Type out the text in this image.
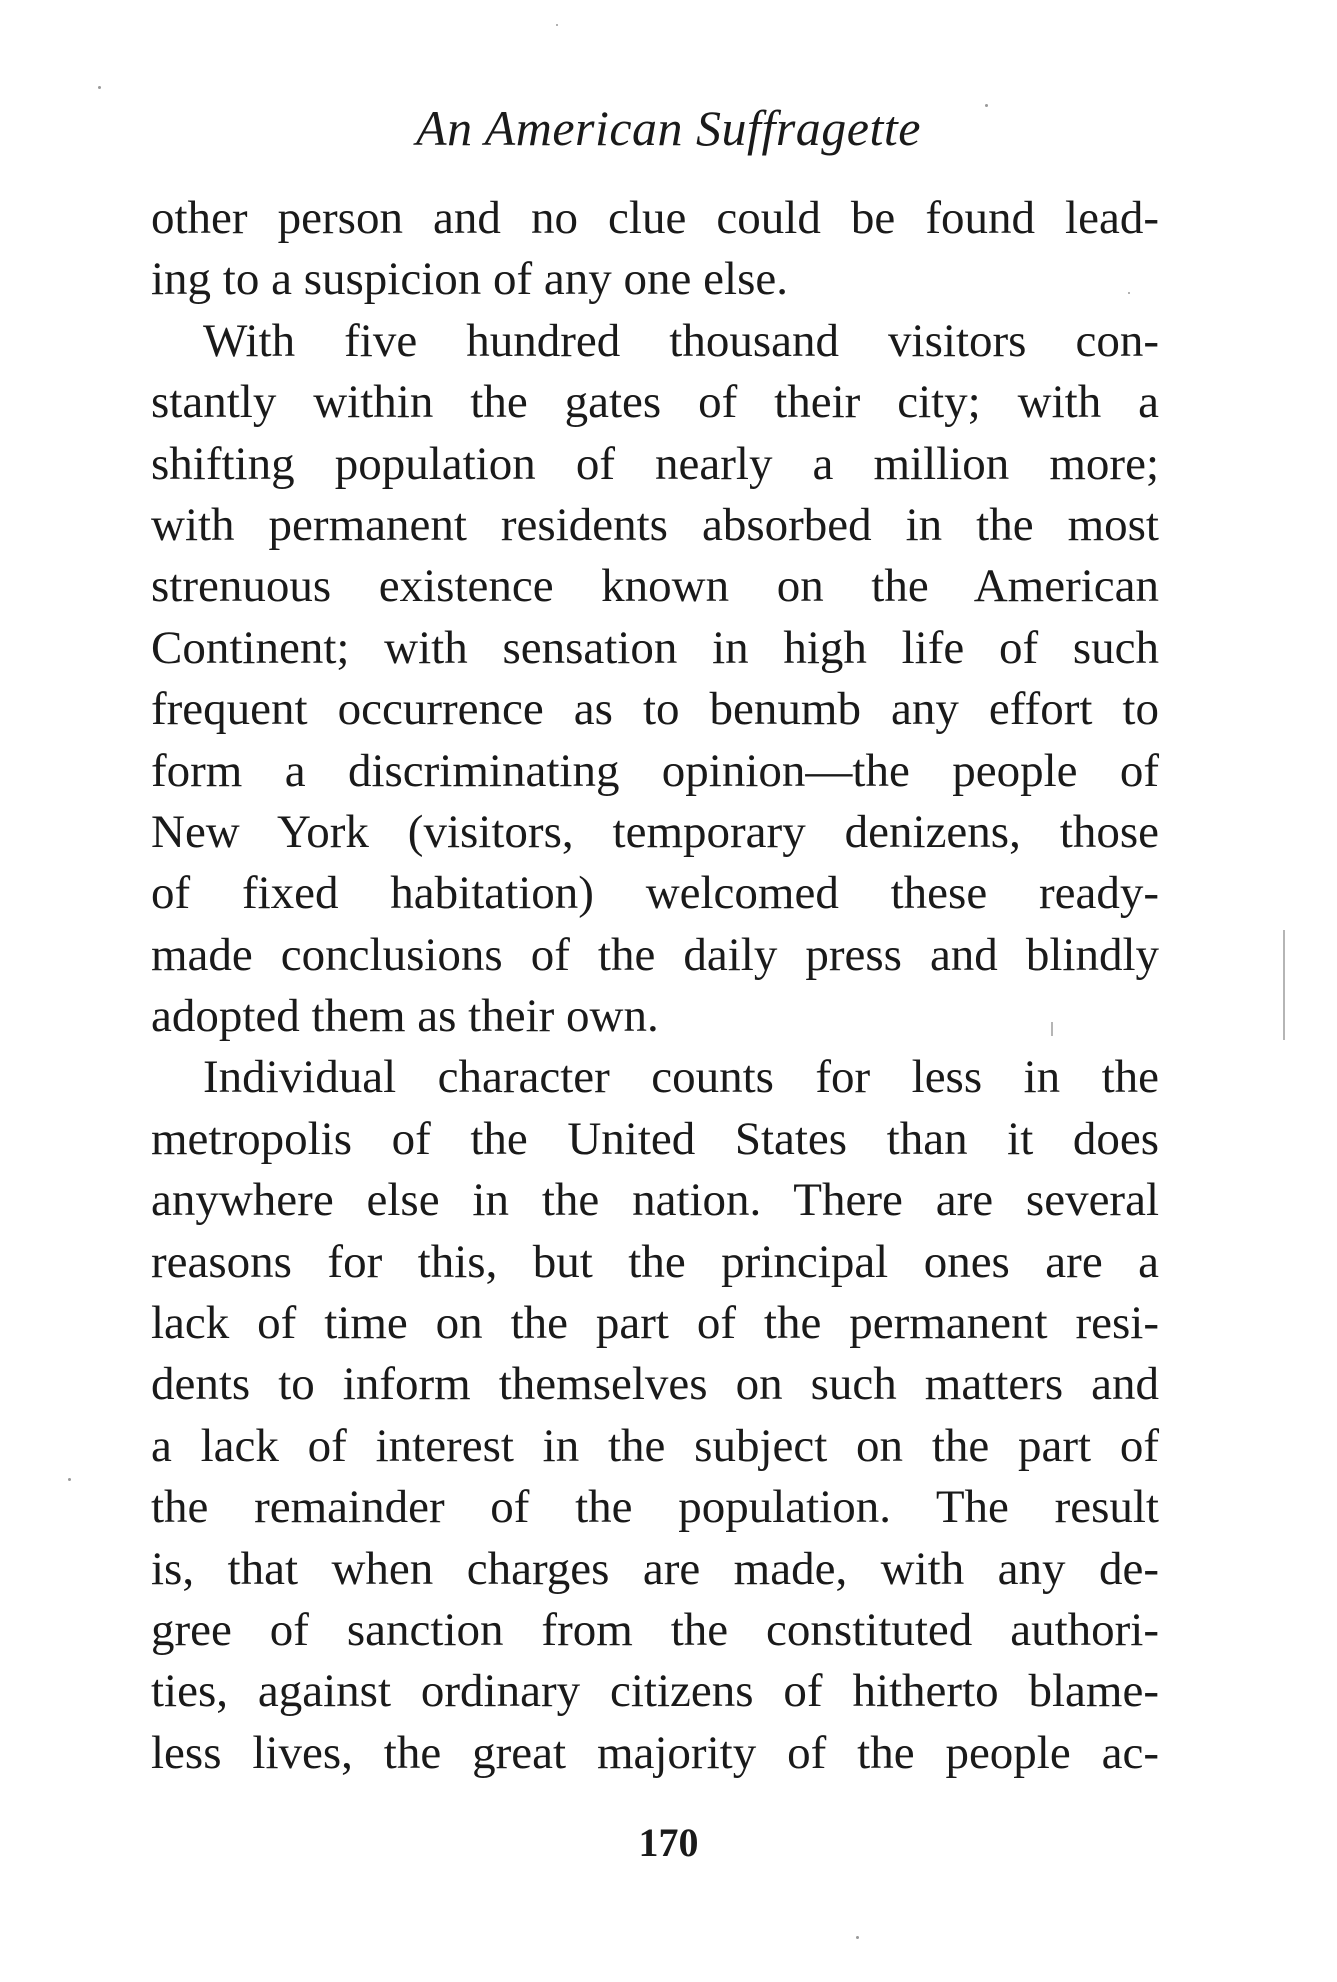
An American Suffragette
other person and no clue could be found lead-
ing to a suspicion of any one else.
With five hundred thousand visitors con-
stantly within the gates of their city; with a
shifting population of nearly a million more;
with permanent residents absorbed in the most
strenuous existence known on the American
Continent; with sensation in high life of such
frequent occurrence as to benumb any effort to
form a discriminating opinion—the people of
New York (visitors, temporary denizens, those
of fixed habitation) welcomed these ready-
made conclusions of the daily press and blindly
adopted them as their own.
Individual character counts for less in the
metropolis of the United States than it does
anywhere else in the nation. There are several
reasons for this, but the principal ones are a
lack of time on the part of the permanent resi-
dents to inform themselves on such matters and
a lack of interest in the subject on the part of
the remainder of the population. The result
is, that when charges are made, with any de-
gree of sanction from the constituted authori-
ties, against ordinary citizens of hitherto blame-
less lives, the great majority of the people ac-
170
